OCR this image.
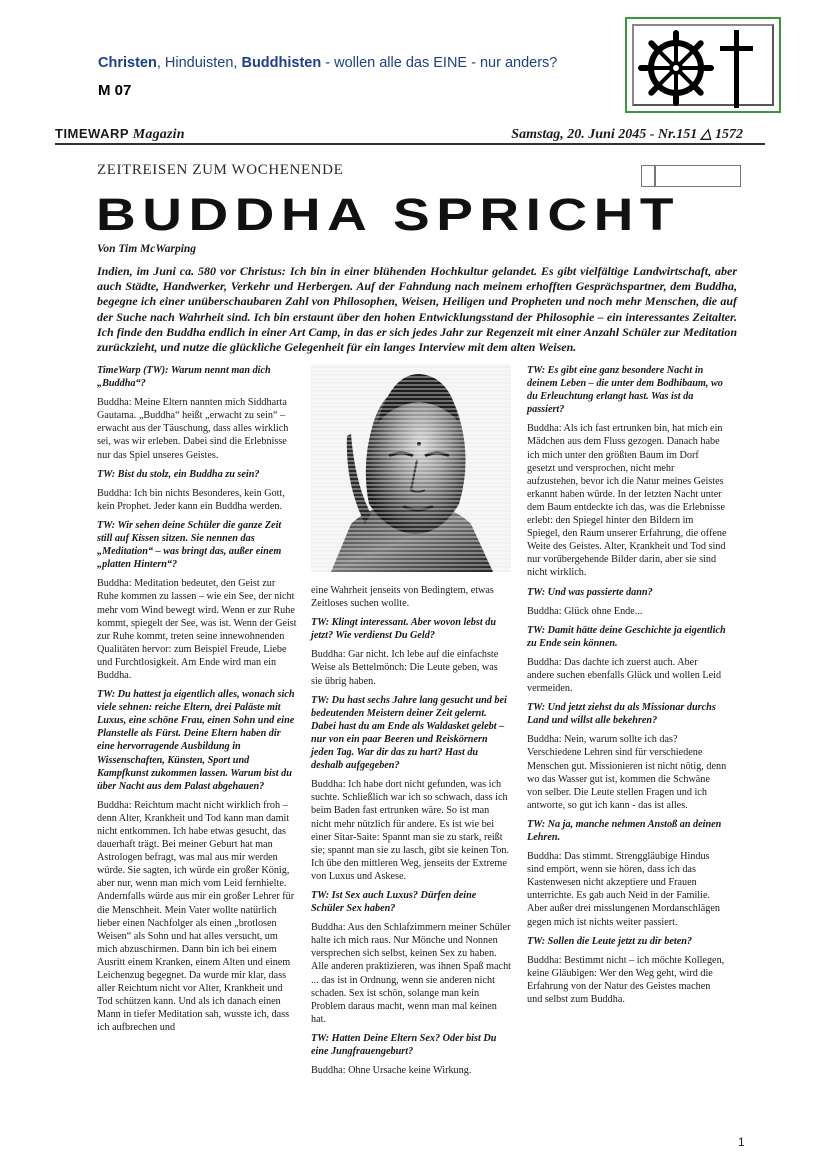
Christen, Hinduisten, Buddhisten - wollen alle das EINE - nur anders?
M 07
TIMEWARP Magazin	Samstag, 20. Juni 2045 - Nr.151 △ 1572
ZEITREISEN ZUM WOCHENENDE
BUDDHA SPRICHT
Von Tim McWarping
Indien, im Juni ca. 580 vor Christus: Ich bin in einer blühenden Hochkultur gelandet. Es gibt vielfältige Landwirtschaft, aber auch Städte, Handwerker, Verkehr und Herbergen. Auf der Fahndung nach meinem erhofften Gesprächspartner, dem Buddha, begegne ich einer unüberschaubaren Zahl von Philosophen, Weisen, Heiligen und Propheten und noch mehr Menschen, die auf der Suche nach Wahrheit sind. Ich bin erstaunt über den hohen Entwicklungsstand der Philosophie – ein interessantes Zeitalter. Ich finde den Buddha endlich in einer Art Camp, in das er sich jedes Jahr zur Regenzeit mit einer Anzahl Schüler zur Meditation zurückzieht, und nutze die glückliche Gelegenheit für ein langes Interview mit dem alten Weisen.

TimeWarp (TW): Warum nennt man dich „Buddha“?

Buddha: Meine Eltern nannten mich Siddharta Gautama. „Buddha“ heißt „erwacht zu sein“ – erwacht aus der Täuschung, dass alles wirklich sei, was wir erleben. Dabei sind die Erlebnisse nur das Spiel unseres Geistes.

TW: Bist du stolz, ein Buddha zu sein?

Buddha: Ich bin nichts Besonderes, kein Gott, kein Prophet. Jeder kann ein Buddha werden.

TW: Wir sehen deine Schüler die ganze Zeit still auf Kissen sitzen. Sie nennen das „Meditation“ – was bringt das, außer einem „platten Hintern“?

Buddha: Meditation bedeutet, den Geist zur Ruhe kommen zu lassen – wie ein See, der nicht mehr vom Wind bewegt wird. Wenn er zur Ruhe kommt, spiegelt der See, was ist. Wenn der Geist zur Ruhe kommt, treten seine innewohnenden Qualitäten hervor: zum Beispiel Freude, Liebe und Furchtlosigkeit. Am Ende wird man ein Buddha.

TW: Du hattest ja eigentlich alles, wonach sich viele sehnen: reiche Eltern, drei Paläste mit Luxus, eine schöne Frau, einen Sohn und eine Planstelle als Fürst. Deine Eltern haben dir eine hervorragende Ausbildung in Wissenschaften, Künsten, Sport und Kampfkunst zukommen lassen. Warum bist du über Nacht aus dem Palast abgehauen?

Buddha: Reichtum macht nicht wirklich froh – denn Alter, Krankheit und Tod kann man damit nicht entkommen. Ich habe etwas gesucht, das dauerhaft trägt. Bei meiner Geburt hat man Astrologen befragt, was mal aus mir werden würde. Sie sagten, ich würde ein großer König, aber nur, wenn man mich vom Leid fernhielte. Andernfalls würde aus mir ein großer Lehrer für die Menschheit. Mein Vater wollte natürlich lieber einen Nachfolger als einen „brotlosen Weisen“ als Sohn und hat alles versucht, um mich abzuschirmen. Dann bin ich bei einem Ausritt einem Kranken, einem Alten und einem Leichenzug begegnet. Da wurde mir klar, dass aller Reichtum nicht vor Alter, Krankheit und Tod schützen kann. Und als ich danach einen Mann in tiefer Meditation sah, wusste ich, dass ich aufbrechen und

eine Wahrheit jenseits von Bedingtem, etwas Zeitloses suchen wollte.

TW: Klingt interessant. Aber wovon lebst du jetzt? Wie verdienst Du Geld?

Buddha: Gar nicht. Ich lebe auf die einfachste Weise als Bettelmönch: Die Leute geben, was sie übrig haben.

TW: Du hast sechs Jahre lang gesucht und bei bedeutenden Meistern deiner Zeit gelernt. Dabei hast du am Ende als Waldasket gelebt – nur von ein paar Beeren und Reiskörnern jeden Tag. War dir das zu hart? Hast du deshalb aufgegeben?

Buddha: Ich habe dort nicht gefunden, was ich suchte. Schließlich war ich so schwach, dass ich beim Baden fast ertrunken wäre. So ist man nicht mehr nützlich für andere. Es ist wie bei einer Sitar-Saite: Spannt man sie zu stark, reißt sie; spannt man sie zu lasch, gibt sie keinen Ton. Ich übe den mittleren Weg, jenseits der Extreme von Luxus und Askese.

TW: Ist Sex auch Luxus? Dürfen deine Schüler Sex haben?

Buddha: Aus den Schlafzimmern meiner Schüler halte ich mich raus. Nur Mönche und Nonnen versprechen sich selbst, keinen Sex zu haben. Alle anderen praktizieren, was ihnen Spaß macht ... das ist in Ordnung, wenn sie anderen nicht schaden. Sex ist schön, solange man kein Problem daraus macht, wenn man mal keinen hat.

TW: Hatten Deine Eltern Sex? Oder bist Du eine Jungfrauengeburt?

Buddha: Ohne Ursache keine Wirkung.

TW: Es gibt eine ganz besondere Nacht in deinem Leben – die unter dem Bodhibaum, wo du Erleuchtung erlangt hast. Was ist da passiert?

Buddha: Als ich fast ertrunken bin, hat mich ein Mädchen aus dem Fluss gezogen. Danach habe ich mich unter den größten Baum im Dorf gesetzt und versprochen, nicht mehr aufzustehen, bevor ich die Natur meines Geistes erkannt haben würde. In der letzten Nacht unter dem Baum entdeckte ich das, was die Erlebnisse erlebt: den Spiegel hinter den Bildern im Spiegel, den Raum unserer Erfahrung, die offene Weite des Geistes. Alter, Krankheit und Tod sind nur vorübergehende Bilder darin, aber sie sind nicht wirklich.

TW: Und was passierte dann?

Buddha: Glück ohne Ende...

TW: Damit hätte deine Geschichte ja eigentlich zu Ende sein können.

Buddha: Das dachte ich zuerst auch. Aber andere suchen ebenfalls Glück und wollen Leid vermeiden.

TW: Und jetzt ziehst du als Missionar durchs Land und willst alle bekehren?

Buddha: Nein, warum sollte ich das? Verschiedene Lehren sind für verschiedene Menschen gut. Missionieren ist nicht nötig, denn wo das Wasser gut ist, kommen die Schwäne von selber. Die Leute stellen Fragen und ich antworte, so gut ich kann - das ist alles.

TW: Na ja, manche nehmen Anstoß an deinen Lehren.

Buddha: Das stimmt. Strenggläubige Hindus sind empört, wenn sie hören, dass ich das Kastenwesen nicht akzeptiere und Frauen unterrichte. Es gab auch Neid in der Familie. Aber außer drei misslungenen Mordanschlägen gegen mich ist nichts weiter passiert.

TW: Sollen die Leute jetzt zu dir beten?

Buddha: Bestimmt nicht – ich möchte Kollegen, keine Gläubigen: Wer den Weg geht, wird die Erfahrung von der Natur des Geistes machen und selbst zum Buddha.

1
